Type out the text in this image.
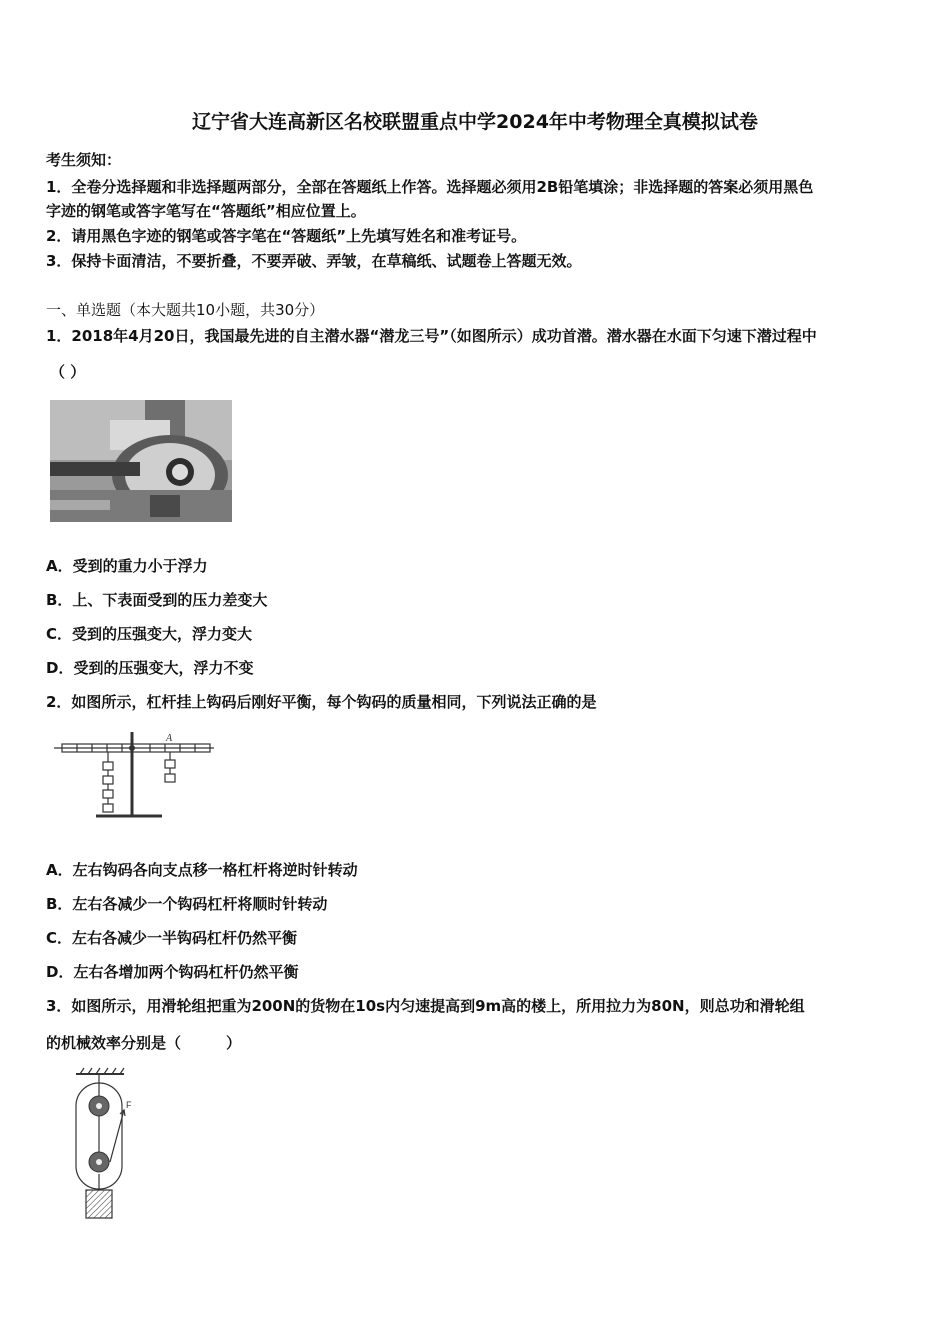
辽宁省大连高新区名校联盟重点中学2024年中考物理全真模拟试卷
考生须知：
1．全卷分选择题和非选择题两部分，全部在答题纸上作答。选择题必须用2B铅笔填涂；非选择题的答案必须用黑色
字迹的钢笔或答字笔写在“答题纸”相应位置上。
2．请用黑色字迹的钢笔或答字笔在“答题纸”上先填写姓名和准考证号。
3．保持卡面清洁，不要折叠，不要弄破、弄皱，在草稿纸、试题卷上答题无效。
一、单选题（本大题共10小题，共30分）
1．2018年4月20日，我国最先进的自主潜水器“潜龙三号”（如图所示）成功首潜。潜水器在水面下匀速下潜过程中
（ ）
A．受到的重力小于浮力
B．上、下表面受到的压力差变大
C．受到的压强变大，浮力变大
D．受到的压强变大，浮力不变
2．如图所示，杠杆挂上钩码后刚好平衡，每个钩码的质量相同，下列说法正确的是
A
A．左右钩码各向支点移一格杠杆将逆时针转动
B．左右各减少一个钩码杠杆将顺时针转动
C．左右各减少一半钩码杠杆仍然平衡
D．左右各增加两个钩码杠杆仍然平衡
3．如图所示，用滑轮组把重为200N的货物在10s内匀速提高到9m高的楼上，所用拉力为80N，则总功和滑轮组
的机械效率分别是（　　　）
F
